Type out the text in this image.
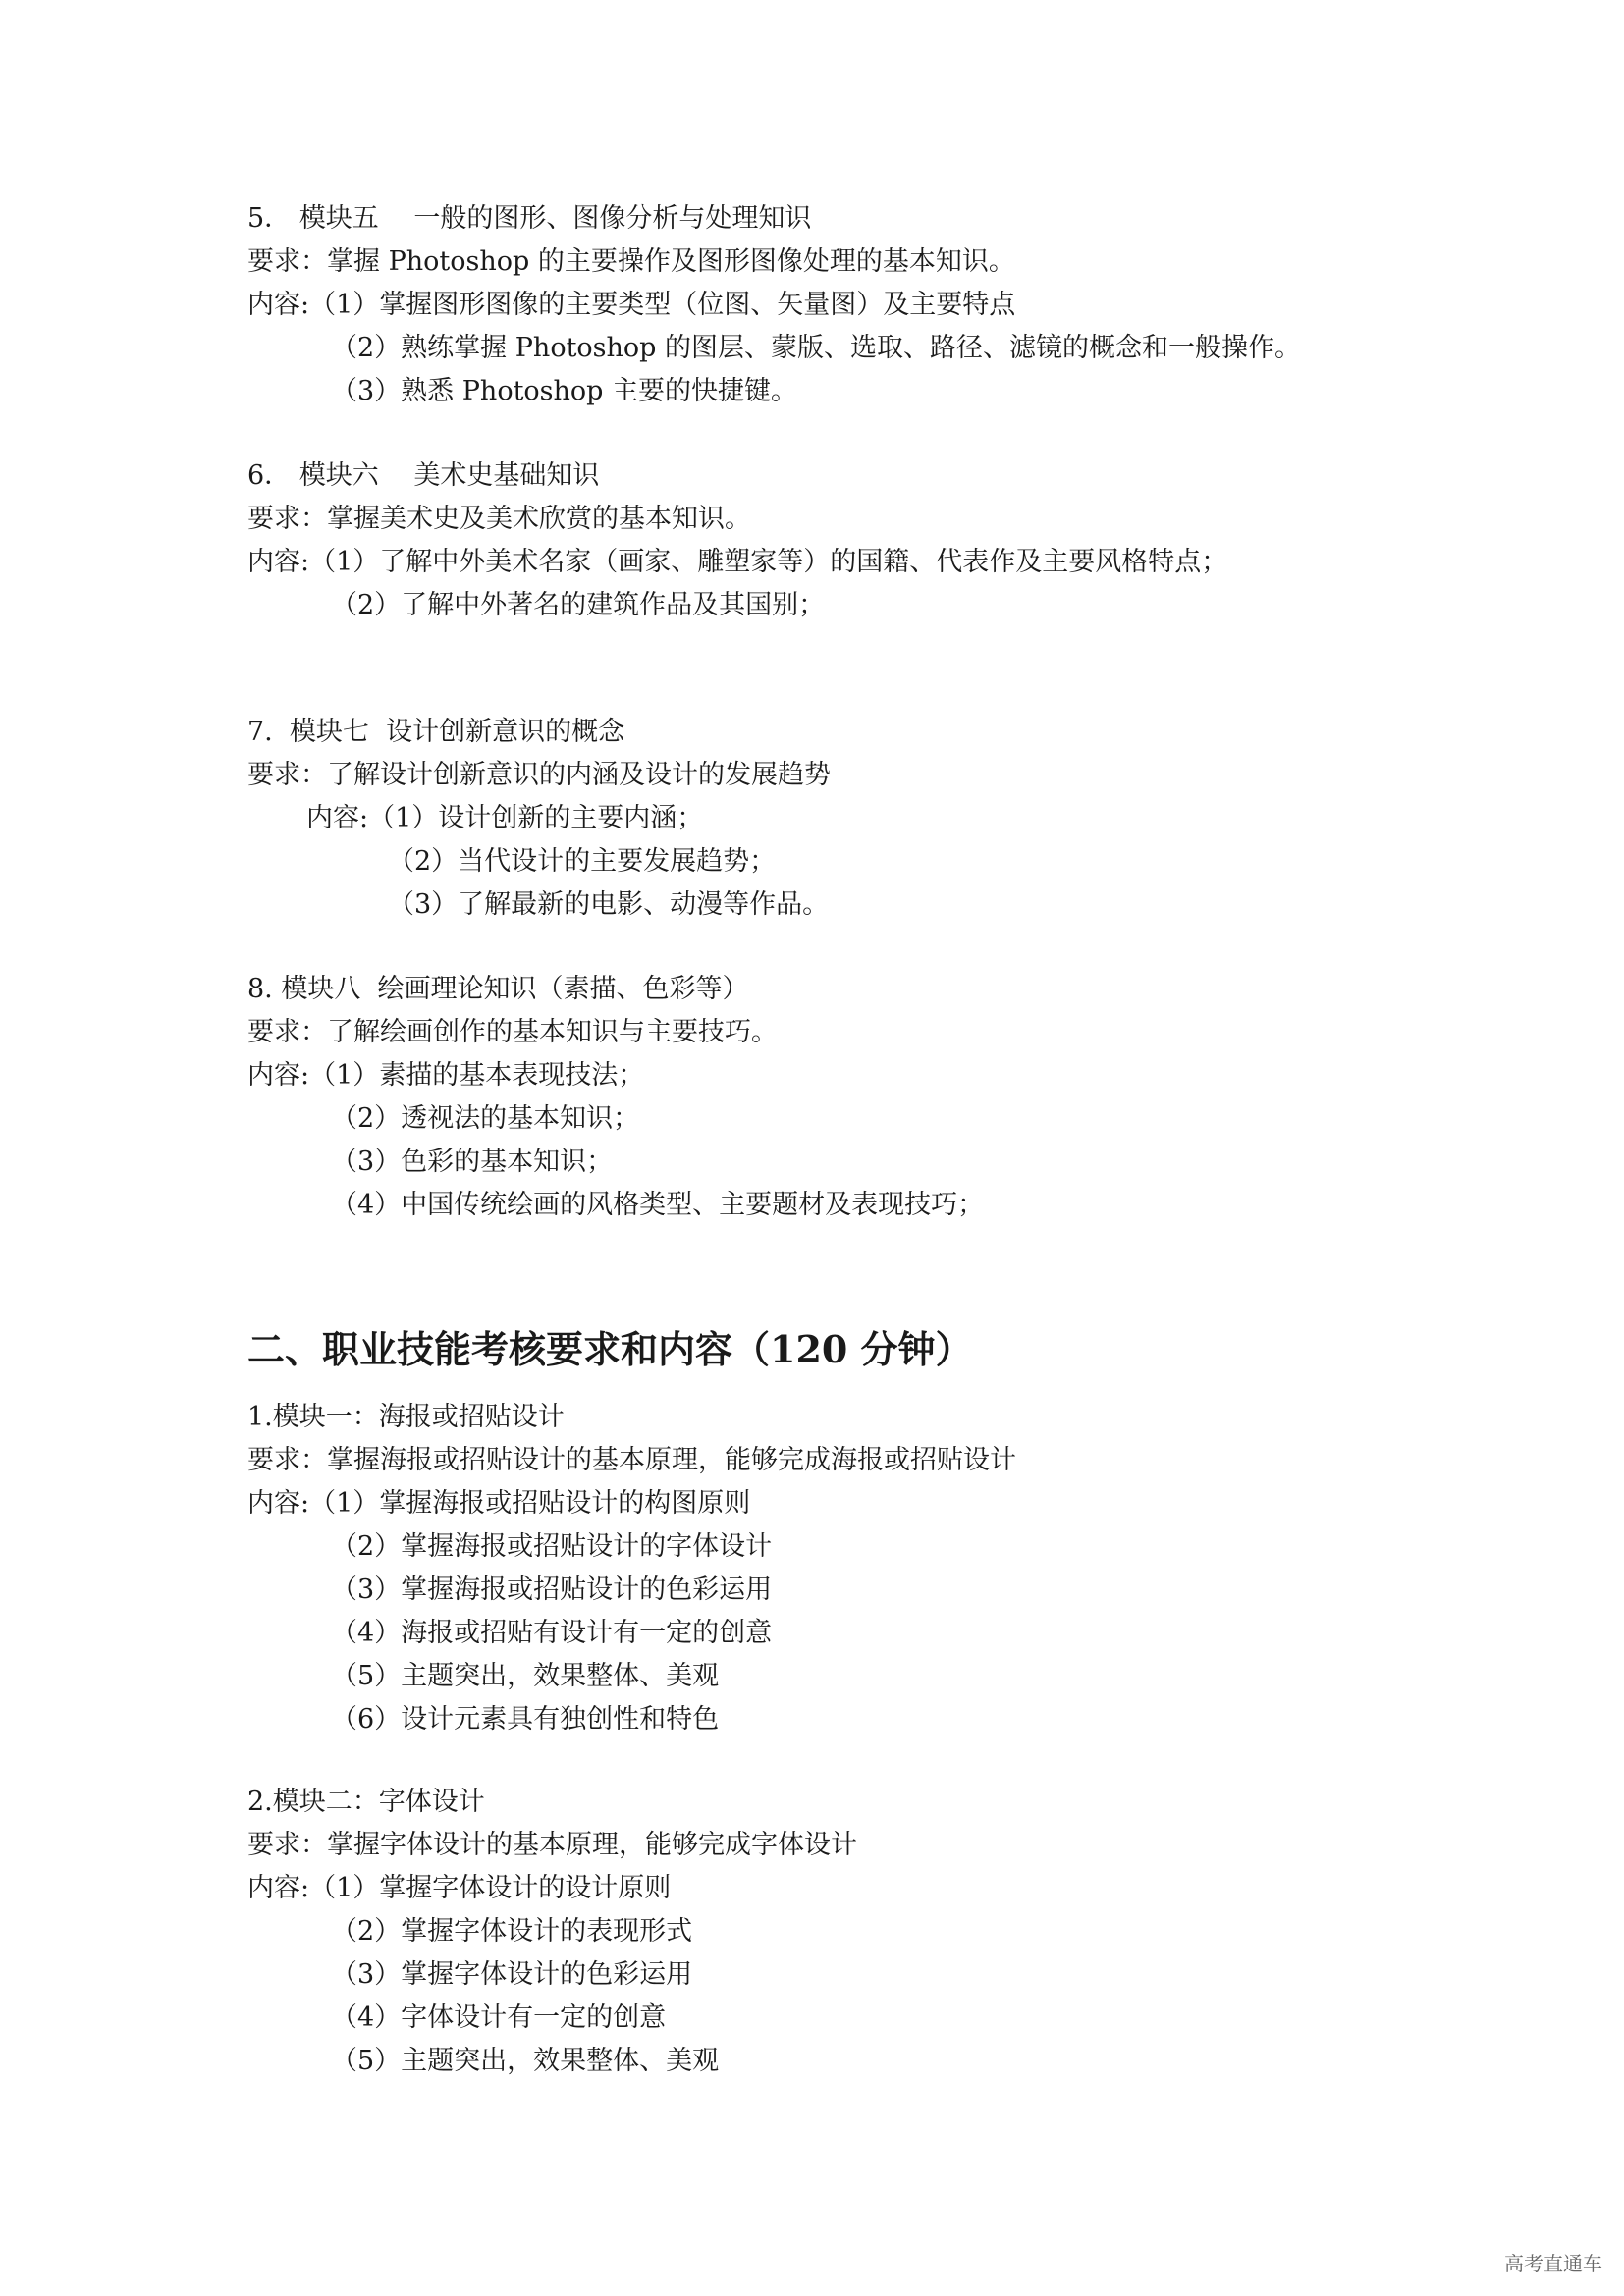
5． 模块五　 一般的图形、图像分析与处理知识
要求：掌握 Photoshop 的主要操作及图形图像处理的基本知识。
内容:（1）掌握图形图像的主要类型（位图、矢量图）及主要特点
（2）熟练掌握 Photoshop 的图层、蒙版、选取、路径、滤镜的概念和一般操作。
（3）熟悉 Photoshop 主要的快捷键。
6． 模块六　 美术史基础知识
要求：掌握美术史及美术欣赏的基本知识。
内容:（1）了解中外美术名家（画家、雕塑家等）的国籍、代表作及主要风格特点；
（2）了解中外著名的建筑作品及其国别；
7.  模块七  设计创新意识的概念
要求：了解设计创新意识的内涵及设计的发展趋势
内容:（1）设计创新的主要内涵；
（2）当代设计的主要发展趋势；
（3）了解最新的电影、动漫等作品。
8. 模块八  绘画理论知识（素描、色彩等）
要求：了解绘画创作的基本知识与主要技巧。
内容:（1）素描的基本表现技法；
（2）透视法的基本知识；
（3）色彩的基本知识；
（4）中国传统绘画的风格类型、主要题材及表现技巧；
二、职业技能考核要求和内容（120 分钟）
1.模块一：海报或招贴设计
要求：掌握海报或招贴设计的基本原理，能够完成海报或招贴设计
内容:（1）掌握海报或招贴设计的构图原则
（2）掌握海报或招贴设计的字体设计
（3）掌握海报或招贴设计的色彩运用
（4）海报或招贴有设计有一定的创意
（5）主题突出，效果整体、美观
（6）设计元素具有独创性和特色
2.模块二：字体设计
要求：掌握字体设计的基本原理，能够完成字体设计
内容:（1）掌握字体设计的设计原则
（2）掌握字体设计的表现形式
（3）掌握字体设计的色彩运用
（4）字体设计有一定的创意
（5）主题突出，效果整体、美观
高考直通车
